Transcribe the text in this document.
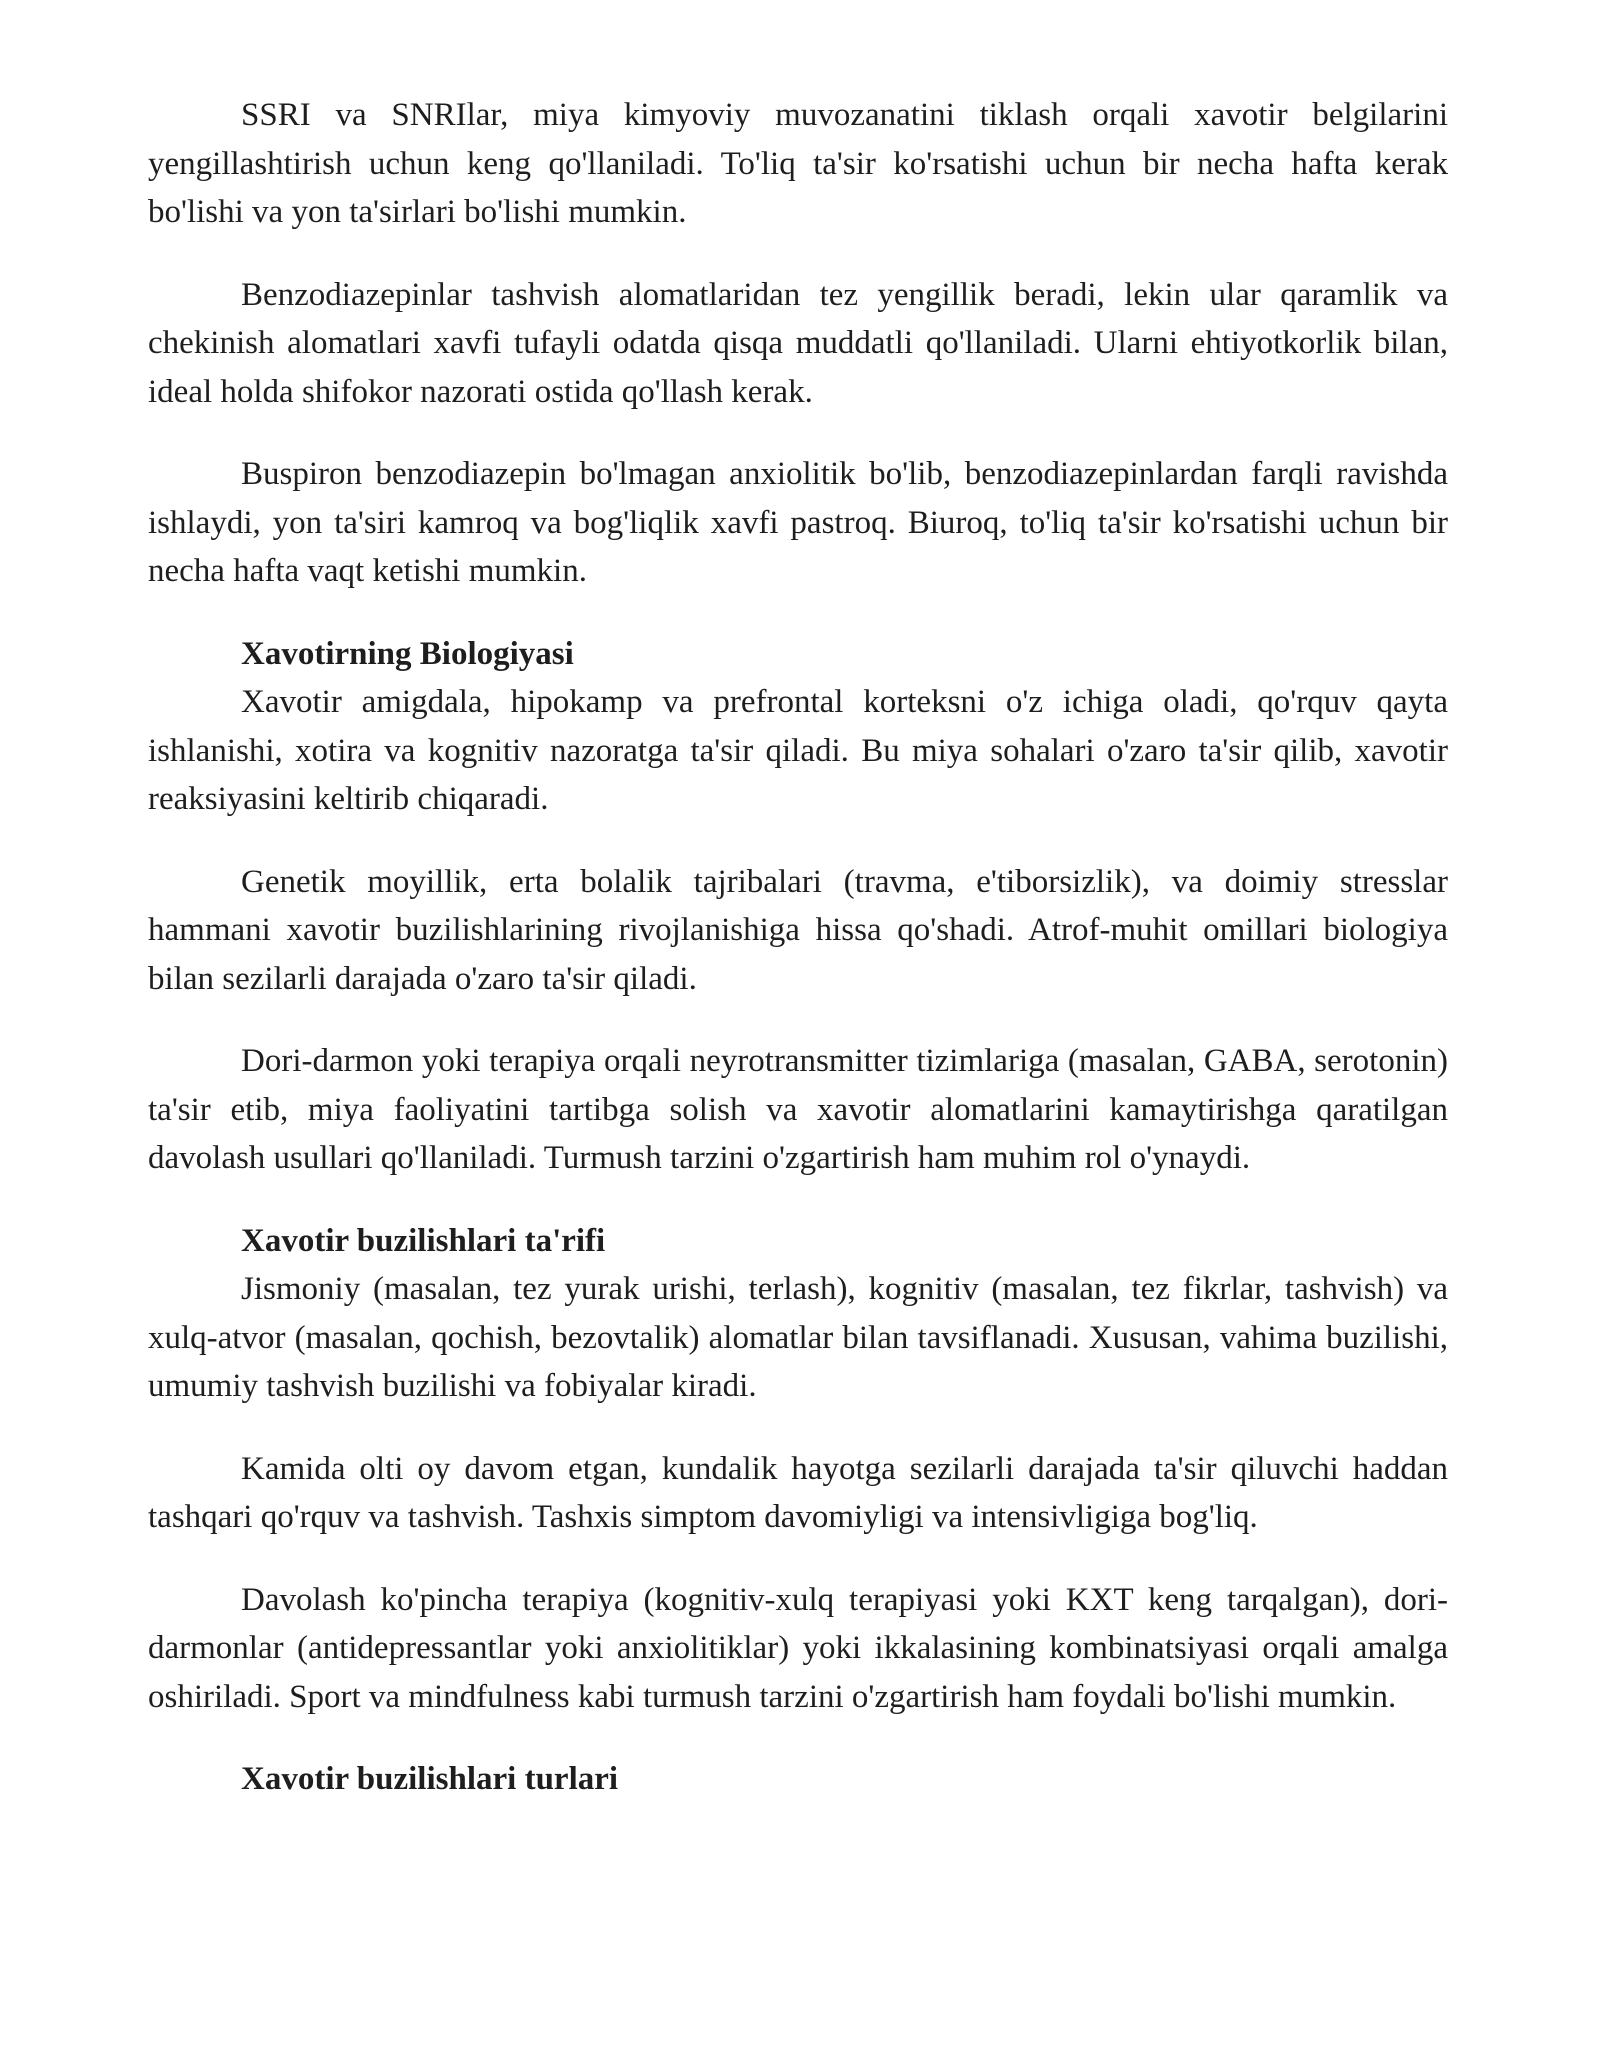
SSRI va SNRIlar, miya kimyoviy muvozanatini tiklash orqali xavotir belgilarini yengillashtirish uchun keng qo'llaniladi. To'liq ta'sir ko'rsatishi uchun bir necha hafta kerak bo'lishi va yon ta'sirlari bo'lishi mumkin.

Benzodiazepinlar tashvish alomatlaridan tez yengillik beradi, lekin ular qaramlik va chekinish alomatlari xavfi tufayli odatda qisqa muddatli qo'llaniladi. Ularni ehtiyotkorlik bilan, ideal holda shifokor nazorati ostida qo'llash kerak.

Buspiron benzodiazepin bo'lmagan anxiolitik bo'lib, benzodiazepinlardan farqli ravishda ishlaydi, yon ta'siri kamroq va bog'liqlik xavfi pastroq. Biuroq, to'liq ta'sir ko'rsatishi uchun bir necha hafta vaqt ketishi mumkin.

Xavotirning Biologiyasi

Xavotir amigdala, hipokamp va prefrontal korteksni o'z ichiga oladi, qo'rquv qayta ishlanishi, xotira va kognitiv nazoratga ta'sir qiladi. Bu miya sohalari o'zaro ta'sir qilib, xavotir reaksiyasini keltirib chiqaradi.

Genetik moyillik, erta bolalik tajribalari (travma, e'tiborsizlik), va doimiy stresslar hammani xavotir buzilishlarining rivojlanishiga hissa qo'shadi. Atrof-muhit omillari biologiya bilan sezilarli darajada o'zaro ta'sir qiladi.

Dori-darmon yoki terapiya orqali neyrotransmitter tizimlariga (masalan, GABA, serotonin) ta'sir etib, miya faoliyatini tartibga solish va xavotir alomatlarini kamaytirishga qaratilgan davolash usullari qo'llaniladi. Turmush tarzini o'zgartirish ham muhim rol o'ynaydi.

Xavotir buzilishlari ta'rifi

Jismoniy (masalan, tez yurak urishi, terlash), kognitiv (masalan, tez fikrlar, tashvish) va xulq-atvor (masalan, qochish, bezovtalik) alomatlar bilan tavsiflanadi. Xususan, vahima buzilishi, umumiy tashvish buzilishi va fobiyalar kiradi.

Kamida olti oy davom etgan, kundalik hayotga sezilarli darajada ta'sir qiluvchi haddan tashqari qo'rquv va tashvish. Tashxis simptom davomiyligi va intensivligiga bog'liq.

Davolash ko'pincha terapiya (kognitiv-xulq terapiyasi yoki KXT keng tarqalgan), dori-darmonlar (antidepressantlar yoki anxiolitiklar) yoki ikkalasining kombinatsiyasi orqali amalga oshiriladi. Sport va mindfulness kabi turmush tarzini o'zgartirish ham foydali bo'lishi mumkin.

Xavotir buzilishlari turlari
